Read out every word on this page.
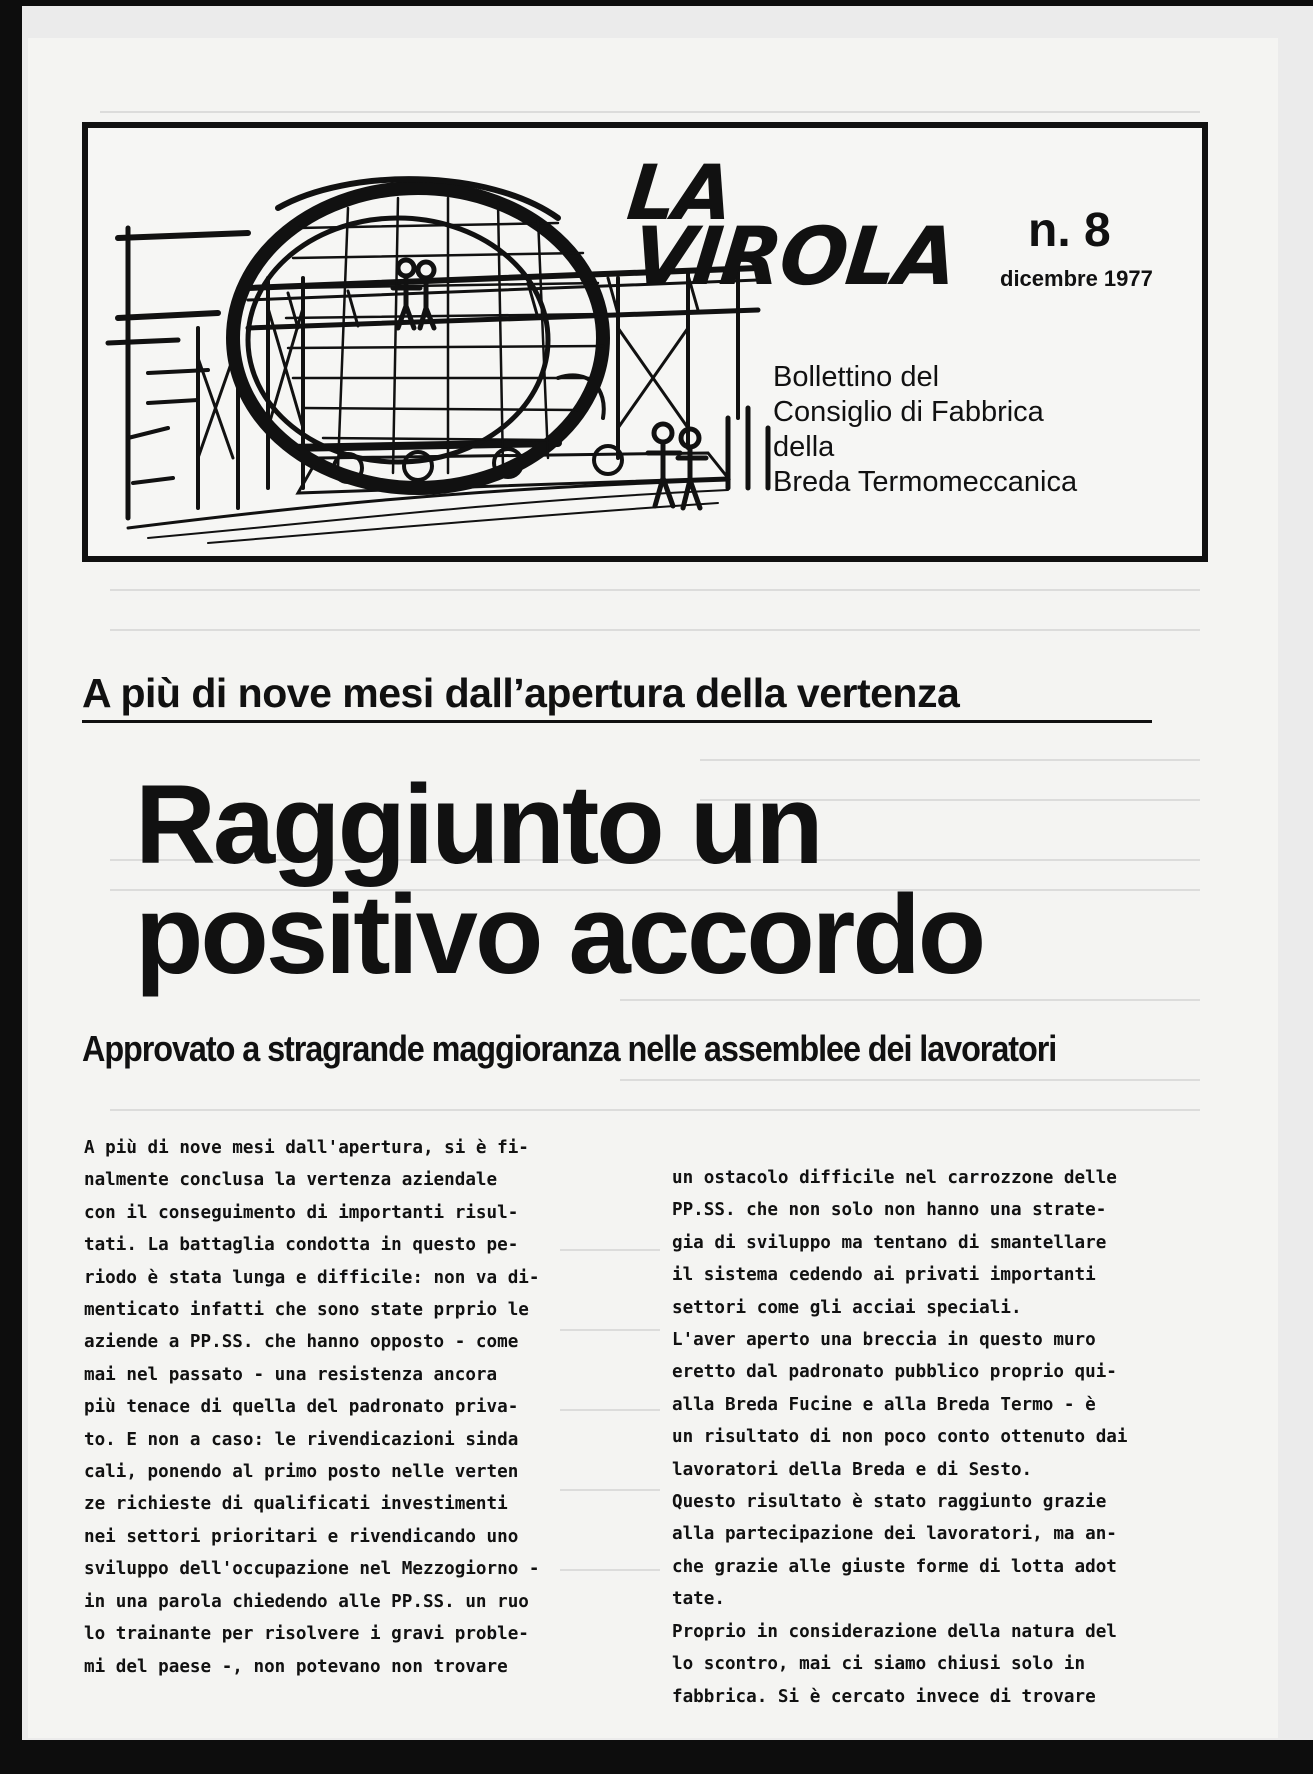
LA
VIROLA n. 8
dicembre 1977
Bollettino del
Consiglio di Fabbrica
della
Breda Termomeccanica
A più di nove mesi dall’apertura della vertenza
Raggiunto un
positivo accordo
Approvato a stragrande maggioranza nelle assemblee dei lavoratori
A più di nove mesi dall'apertura, si è fi-
nalmente conclusa la vertenza aziendale
con il conseguimento di importanti risul-
tati. La battaglia condotta in questo pe-
riodo è stata lunga e difficile: non va di-
menticato infatti che sono state prprio le
aziende a PP.SS. che hanno opposto - come
mai nel passato - una resistenza ancora
più tenace di quella del padronato priva-
to. E non a caso: le rivendicazioni sinda
cali, ponendo al primo posto nelle verten
ze richieste di qualificati investimenti
nei settori prioritari e rivendicando uno
sviluppo dell'occupazione nel Mezzogiorno -
in una parola chiedendo alle PP.SS. un ruo
lo trainante per risolvere i gravi proble-
mi del paese -, non potevano non trovare
un ostacolo difficile nel carrozzone delle
PP.SS. che non solo non hanno una strate-
gia di sviluppo ma tentano di smantellare
il sistema cedendo ai privati importanti
settori come gli acciai speciali.
L'aver aperto una breccia in questo muro
eretto dal padronato pubblico proprio qui-
alla Breda Fucine e alla Breda Termo - è
un risultato di non poco conto ottenuto dai
lavoratori della Breda e di Sesto.
Questo risultato è stato raggiunto grazie
alla partecipazione dei lavoratori, ma an-
che grazie alle giuste forme di lotta adot
tate.
Proprio in considerazione della natura del
lo scontro, mai ci siamo chiusi solo in
fabbrica. Si è cercato invece di trovare
